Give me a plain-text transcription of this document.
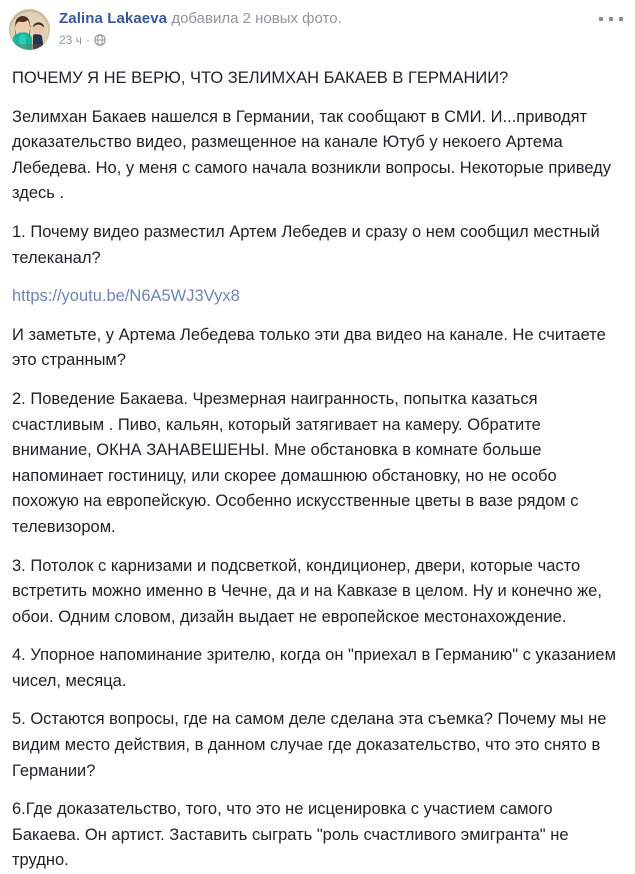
Zalina Lakaeva добавила 2 новых фото.
23 ч ·

ПОЧЕМУ Я НЕ ВЕРЮ, ЧТО ЗЕЛИМХАН БАКАЕВ В ГЕРМАНИИ?

Зелимхан Бакаев нашелся в Германии, так сообщают в СМИ. И...приводят доказательство видео, размещенное на канале Ютуб у некоего Артема Лебедева. Но, у меня с самого начала возникли вопросы. Некоторые приведу здесь .

1. Почему видео разместил Артем Лебедев и сразу о нем сообщил местный телеканал?

https://youtu.be/N6A5WJ3Vyx8

И заметьте, у Артема Лебедева только эти два видео на канале. Не считаете это странным?

2. Поведение Бакаева. Чрезмерная наигранность, попытка казаться счастливым . Пиво, кальян, который затягивает на камеру. Обратите внимание, ОКНА ЗАНАВЕШЕНЫ. Мне обстановка в комнате больше напоминает гостиницу, или скорее домашнюю обстановку, но не особо похожую на европейскую. Особенно искусственные цветы в вазе рядом с телевизором.

3. Потолок с карнизами и подсветкой, кондиционер, двери, которые часто встретить можно именно в Чечне, да и на Кавказе в целом. Ну и конечно же, обои. Одним словом, дизайн выдает не европейское местонахождение.

4. Упорное напоминание зрителю, когда он "приехал в Германию" с указанием чисел, месяца.

5. Остаются вопросы, где на самом деле сделана эта съемка? Почему мы не видим место действия, в данном случае где доказательство, что это снято в Германии?

6.Где доказательство, того, что это не исценировка с участием самого Бакаева. Он артист. Заставить сыграть "роль счастливого эмигранта" не трудно.
